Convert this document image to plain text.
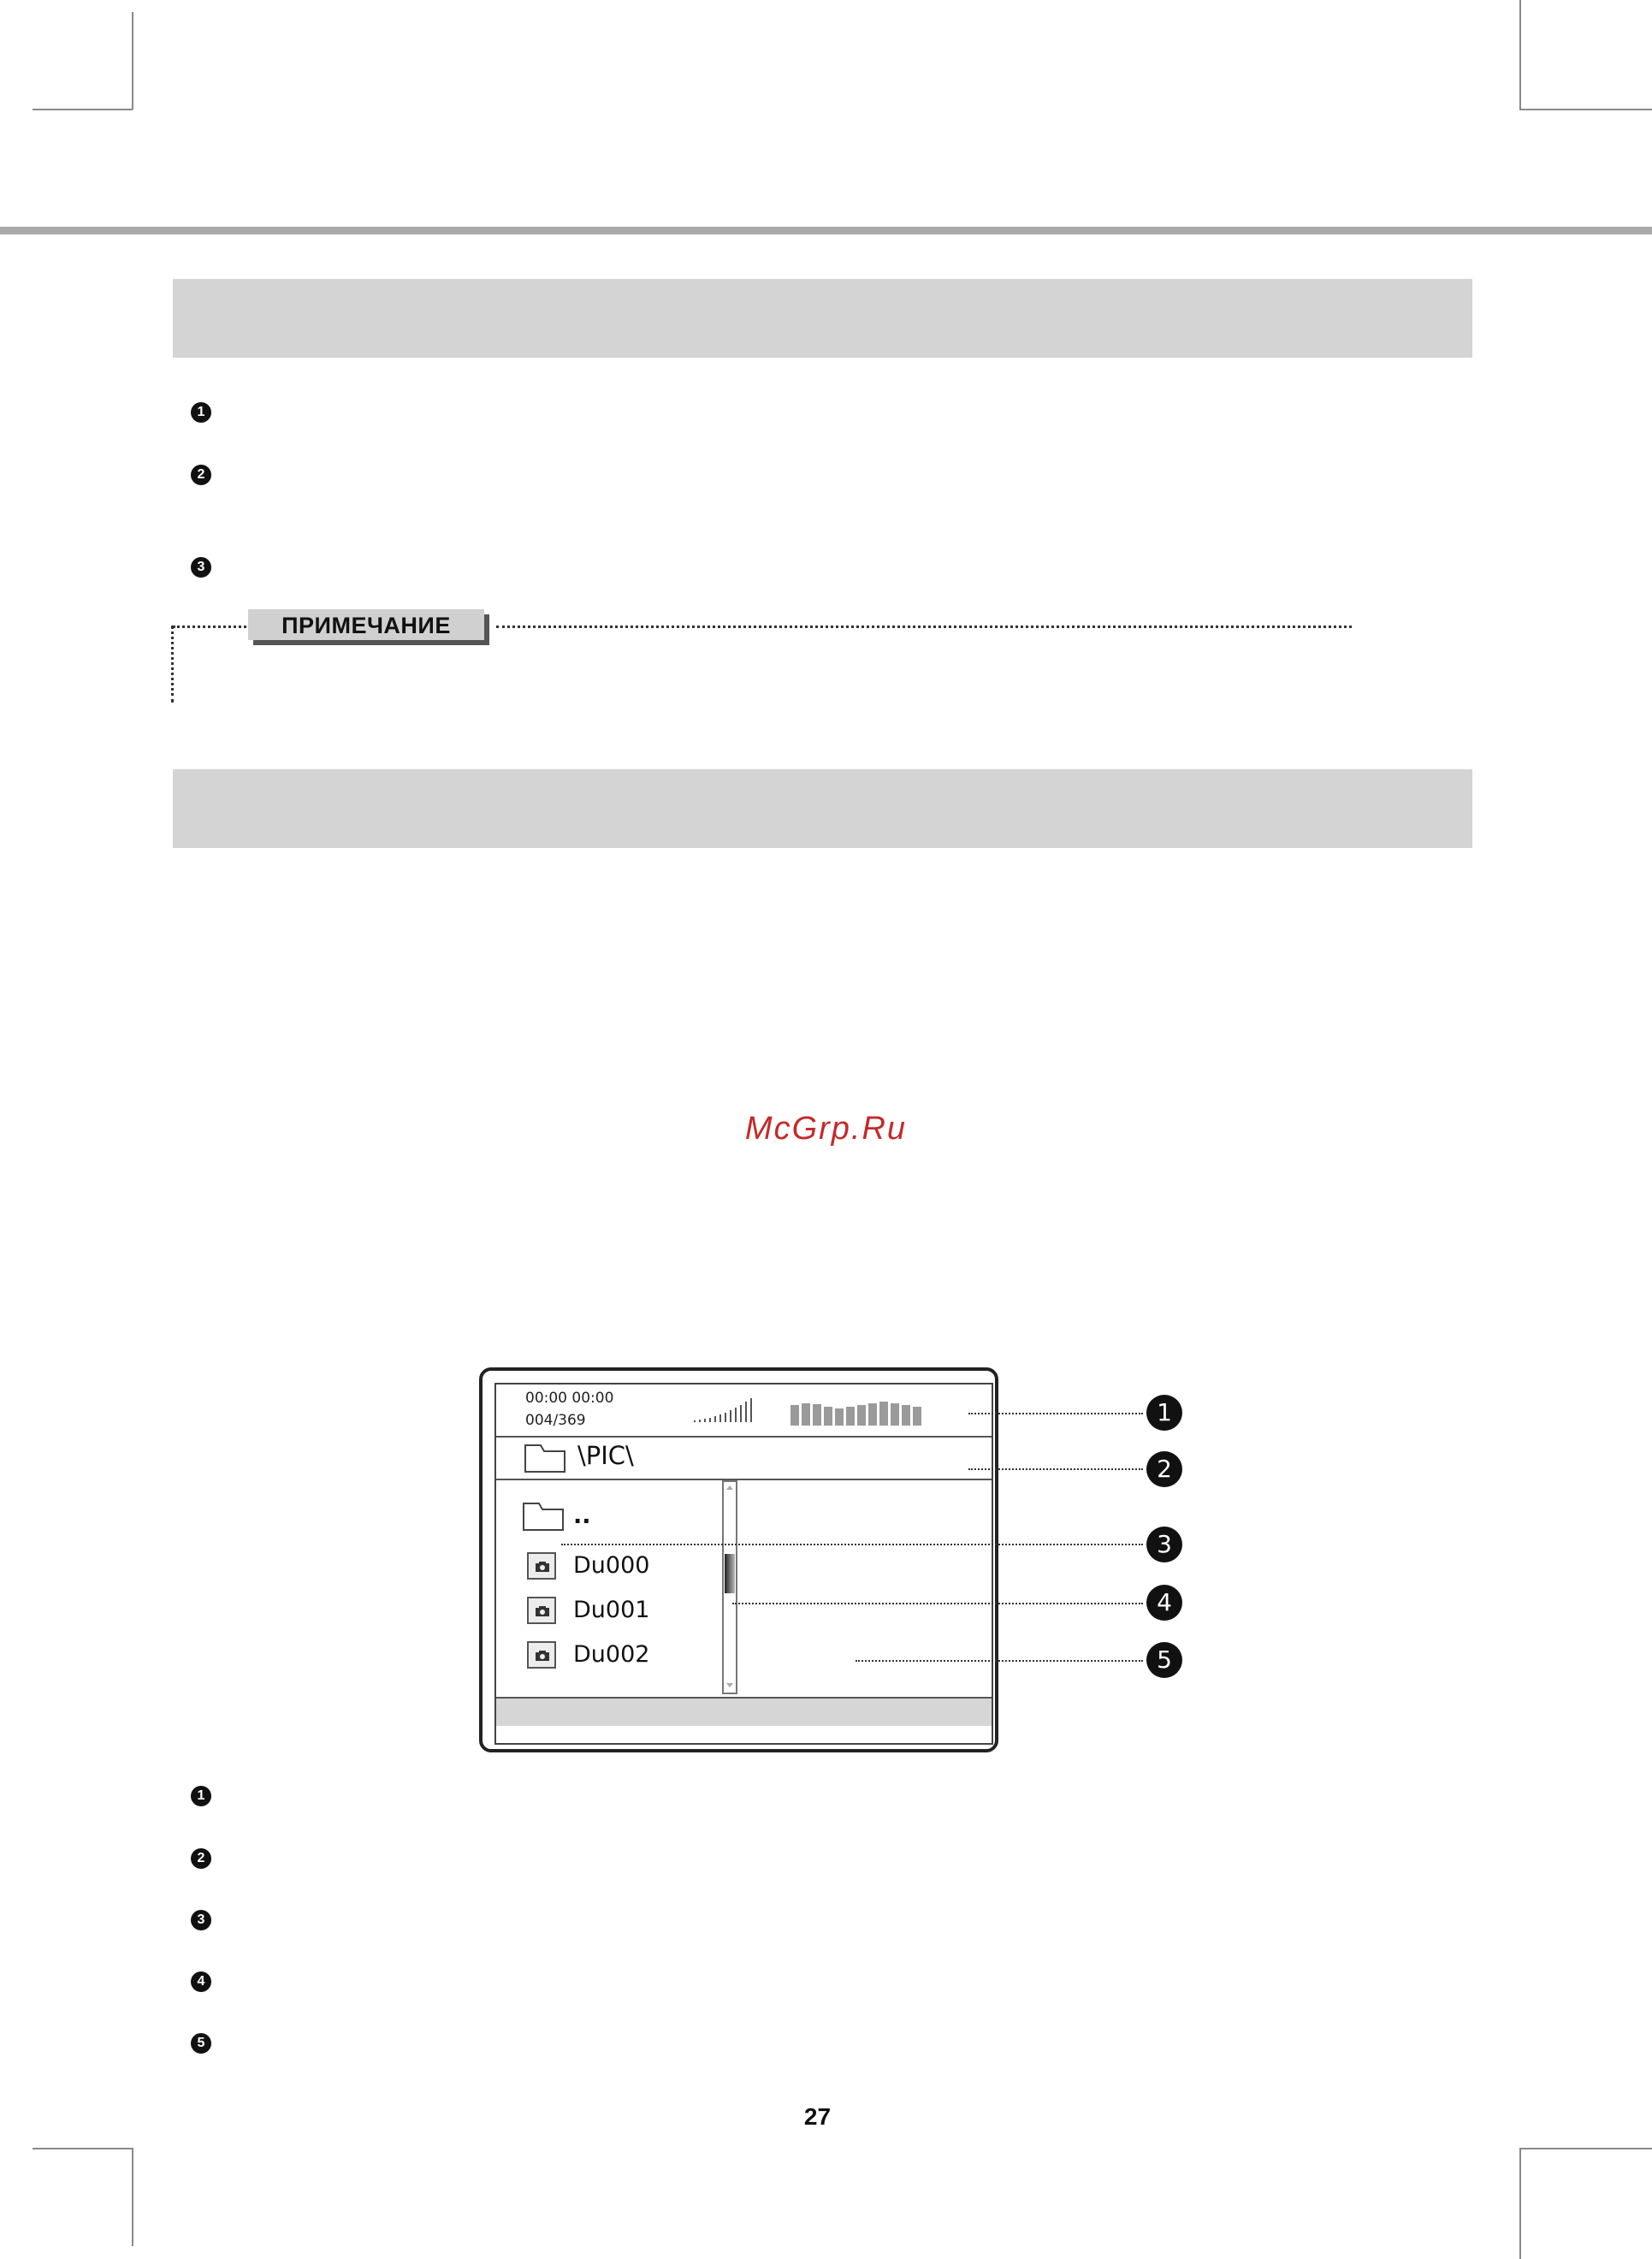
1
2
3
ПРИМЕЧАНИЕ
McGrp.Ru
00:00 00:00
004/369
\PIC\
..
Du000
Du001
Du002
1
2
3
4
5
1
2
3
4
5
27
